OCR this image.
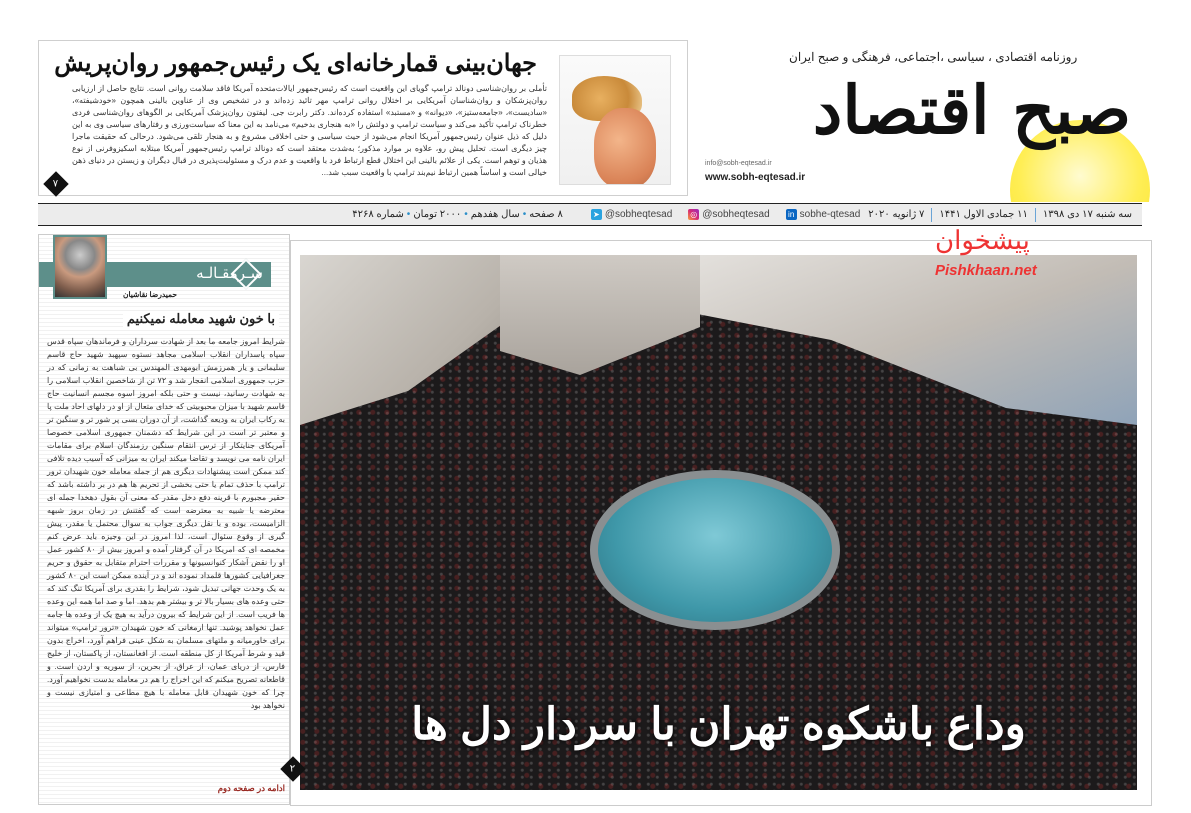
جهان‌بینی قمارخانه‌ای یک رئیس‌جمهور روان‌پریش
تأملی بر روان‌شناسی دونالد ترامپ گویای این واقعیت است که رئیس‌جمهور ایالات‌متحده آمریکا فاقد سلامت روانی است. نتایج حاصل از ارزیابی روان‌پزشکان و روان‌شناسان آمریکایی بر اختلال روانی ترامپ مهر تائید زده‌اند و در تشخیص وی از عناوین بالینی همچون «خودشیفته»، «سادیست»، «جامعه‌ستیز»، «دیوانه» و «مستبد» استفاده کرده‌اند. دکتر رابرت جی. لیفتون روان‌پزشک آمریکایی بر الگوهای روان‌شناسی فردی خطرناک ترامپ تأکید می‌کند و سیاست ترامپ و دولتش را «به هنجاری بدخیم» می‌نامد به این معنا که سیاست‌ورزی و رفتارهای سیاسی وی به این دلیل که ذیل عنوان رئیس‌جمهور آمریکا انجام می‌شود از حیث سیاسی و حتی اخلاقی مشروع و به هنجار تلقی می‌شود. درحالی که حقیقت ماجرا چیز دیگری است. تحلیل پیش رو، علاوه بر موارد مذکور؛ به‌شدت معتقد است که دونالد ترامپ رئیس‌جمهور آمریکا مبتلابه اسکیزوفرنی از نوع هذیان و توهم است. یکی از علائم بالینی این اختلال قطع ارتباط فرد با واقعیت و عدم درک و مسئولیت‌پذیری در قبال دیگران و زیستن در دنیای ذهن خیالی است و اساساً همین ارتباط نیم‌بند ترامپ با واقعیت سبب شد...
۷
صبح اقتصاد
روزنامه اقتصادی ، سیاسی ،اجتماعی، فرهنگی و صبح ایران
info@sobh-eqtesad.ir
www.sobh-eqtesad.ir
سه شنبه ۱۷ دی ۱۳۹۸
۱۱ جمادی الاول ۱۴۴۱
۷ ژانویه ۲۰۲۰
in sobhe-qtesad
◎ @sobheqtesad
➤ @sobheqtesad
۸ صفحه
•
سال هفدهم
•
۲۰۰۰ تومان
•
شماره ۴۲۶۸
سـرمقـالـه
حمیدرضا نقاشیان
با خون شهید معامله نمیکنیم
شرایط امروز جامعه ما بعد از شهادت سرداران و فرماندهان سپاه قدس سپاه پاسداران انقلاب اسلامی مجاهد نستوه سپهبد شهید حاج قاسم سلیمانی و یار همرزمش ابومهدی المهندس بی شباهت به زمانی که در حزب جمهوری اسلامی انفجار شد و ۷۲ تن از شاخصین انقلاب اسلامی را به شهادت رسانید، نیست و حتی بلکه امروز اسوه مجسم انسانیت حاج قاسم شهید با میزان محبوبیتی که خدای متعال از او در دلهای احاد ملت پا به رکاب ایران به ودیعه گذاشت، از آن دوران بسی پر شور تر و سنگین تر و معتبر تر است در این شرایط که دشمنان جمهوری اسلامی خصوصا آمریکای جنایتکار از ترس انتقام سنگین رزمندگان اسلام برای مقامات ایران نامه می نویسد و تقاضا میکند ایران به میزانی که آسیب دیده تلافی کند ممکن است پیشنهادات دیگری هم از جمله معامله خون شهیدان ترور ترامپ با حذف تمام یا حتی بخشی از تحریم ها هم در بر داشته باشد که حقیر مجبورم با قرینه دفع دخل مقدر که معنی آن بقول دهخدا جمله ای معترضه یا شبیه به معترضه است که گفتنش در زمان بروز شبهه الزامیست، بوده و با نقل دیگری جواب به سوال محتمل یا مقدر، پیش گیری از وقوع سئوال است، لذا امروز در این وجیزه باید عرض کنم مخمصه ای که امریکا در آن گرفتار آمده و امروز بیش از ۸۰ کشور عمل او را نقض آشکار کنوانسیونها و مقررات احترام متقابل به حقوق و حریم جغرافیایی کشورها قلمداد نموده اند و در آینده ممکن است این ۸۰ کشور به یک وحدت جهانی تبدیل شود، شرایط را بقدری برای آمریکا تنگ کند که حتی وعده های بسیار بالا تر و بیشتر هم بدهد. اما و صد اما همه این وعده ها فریب است. از این شرایط که بیرون درآید به هیچ یک از وعده ها جامه عمل نخواهد پوشید. تنها ارمغانی که خون شهیدان «ترور ترامپ» میتواند برای خاورمیانه و ملتهای مسلمان به شکل عینی فراهم آورد، اخراج بدون قید و شرط آمریکا از کل منطقه است. از افغانستان، از پاکستان، از خلیج فارس، از دریای عمان، از عراق، از بحرین، از سوریه و اردن است. و قاطعانه تصریح میکنم که این اخراج را هم در معامله بدست نخواهیم آورد. چرا که خون شهیدان قابل معامله با هیچ مطاعی و امتیازی نیست و نخواهد بود
ادامه در صفحه دوم
وداع باشکوه تهران با سردار دل ها
۲
پیشخوان
Pishkhaan.net
